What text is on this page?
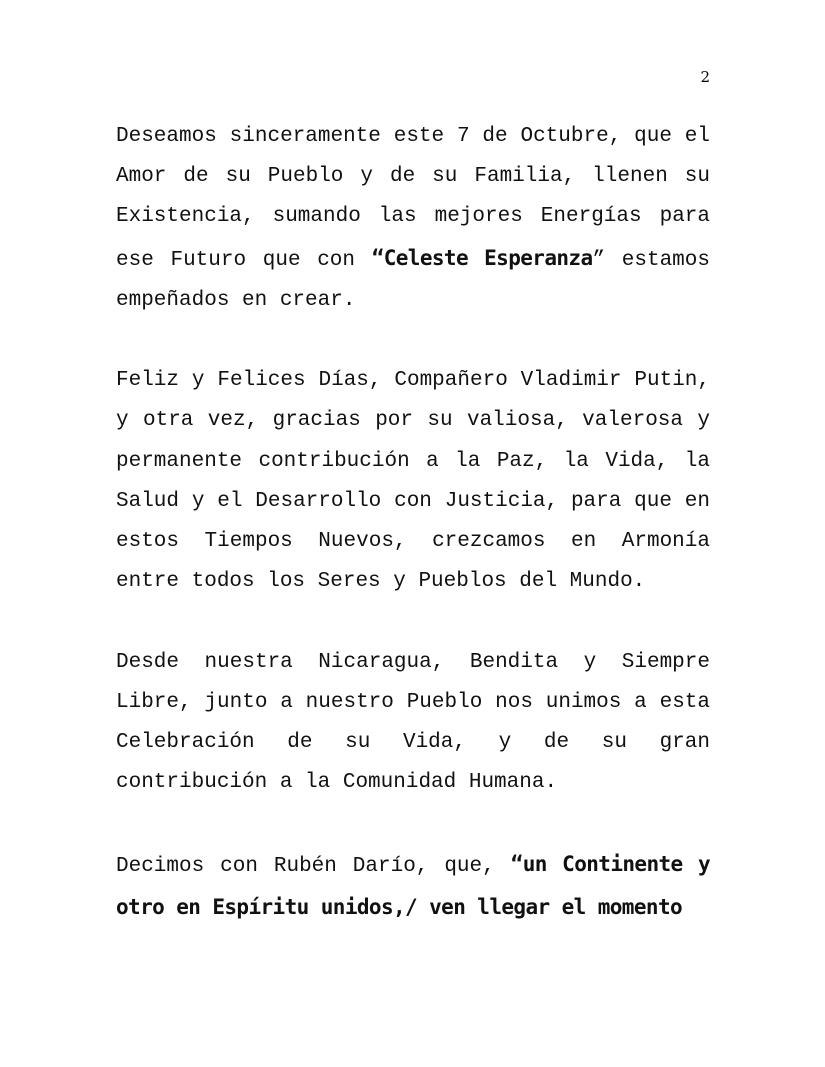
2

Deseamos sinceramente este 7 de Octubre, que el Amor de su Pueblo y de su Familia, llenen su Existencia, sumando las mejores Energías para ese Futuro que con “Celeste Esperanza” estamos empeñados en crear.

Feliz y Felices Días, Compañero Vladimir Putin, y otra vez, gracias por su valiosa, valerosa y permanente contribución a la Paz, la Vida, la Salud y el Desarrollo con Justicia, para que en estos Tiempos Nuevos, crezcamos en Armonía entre todos los Seres y Pueblos del Mundo.

Desde nuestra Nicaragua, Bendita y Siempre Libre, junto a nuestro Pueblo nos unimos a esta Celebración de su Vida, y de su gran contribución a la Comunidad Humana.

Decimos con Rubén Darío, que, “un Continente y otro en Espíritu unidos,/ ven llegar el momento
